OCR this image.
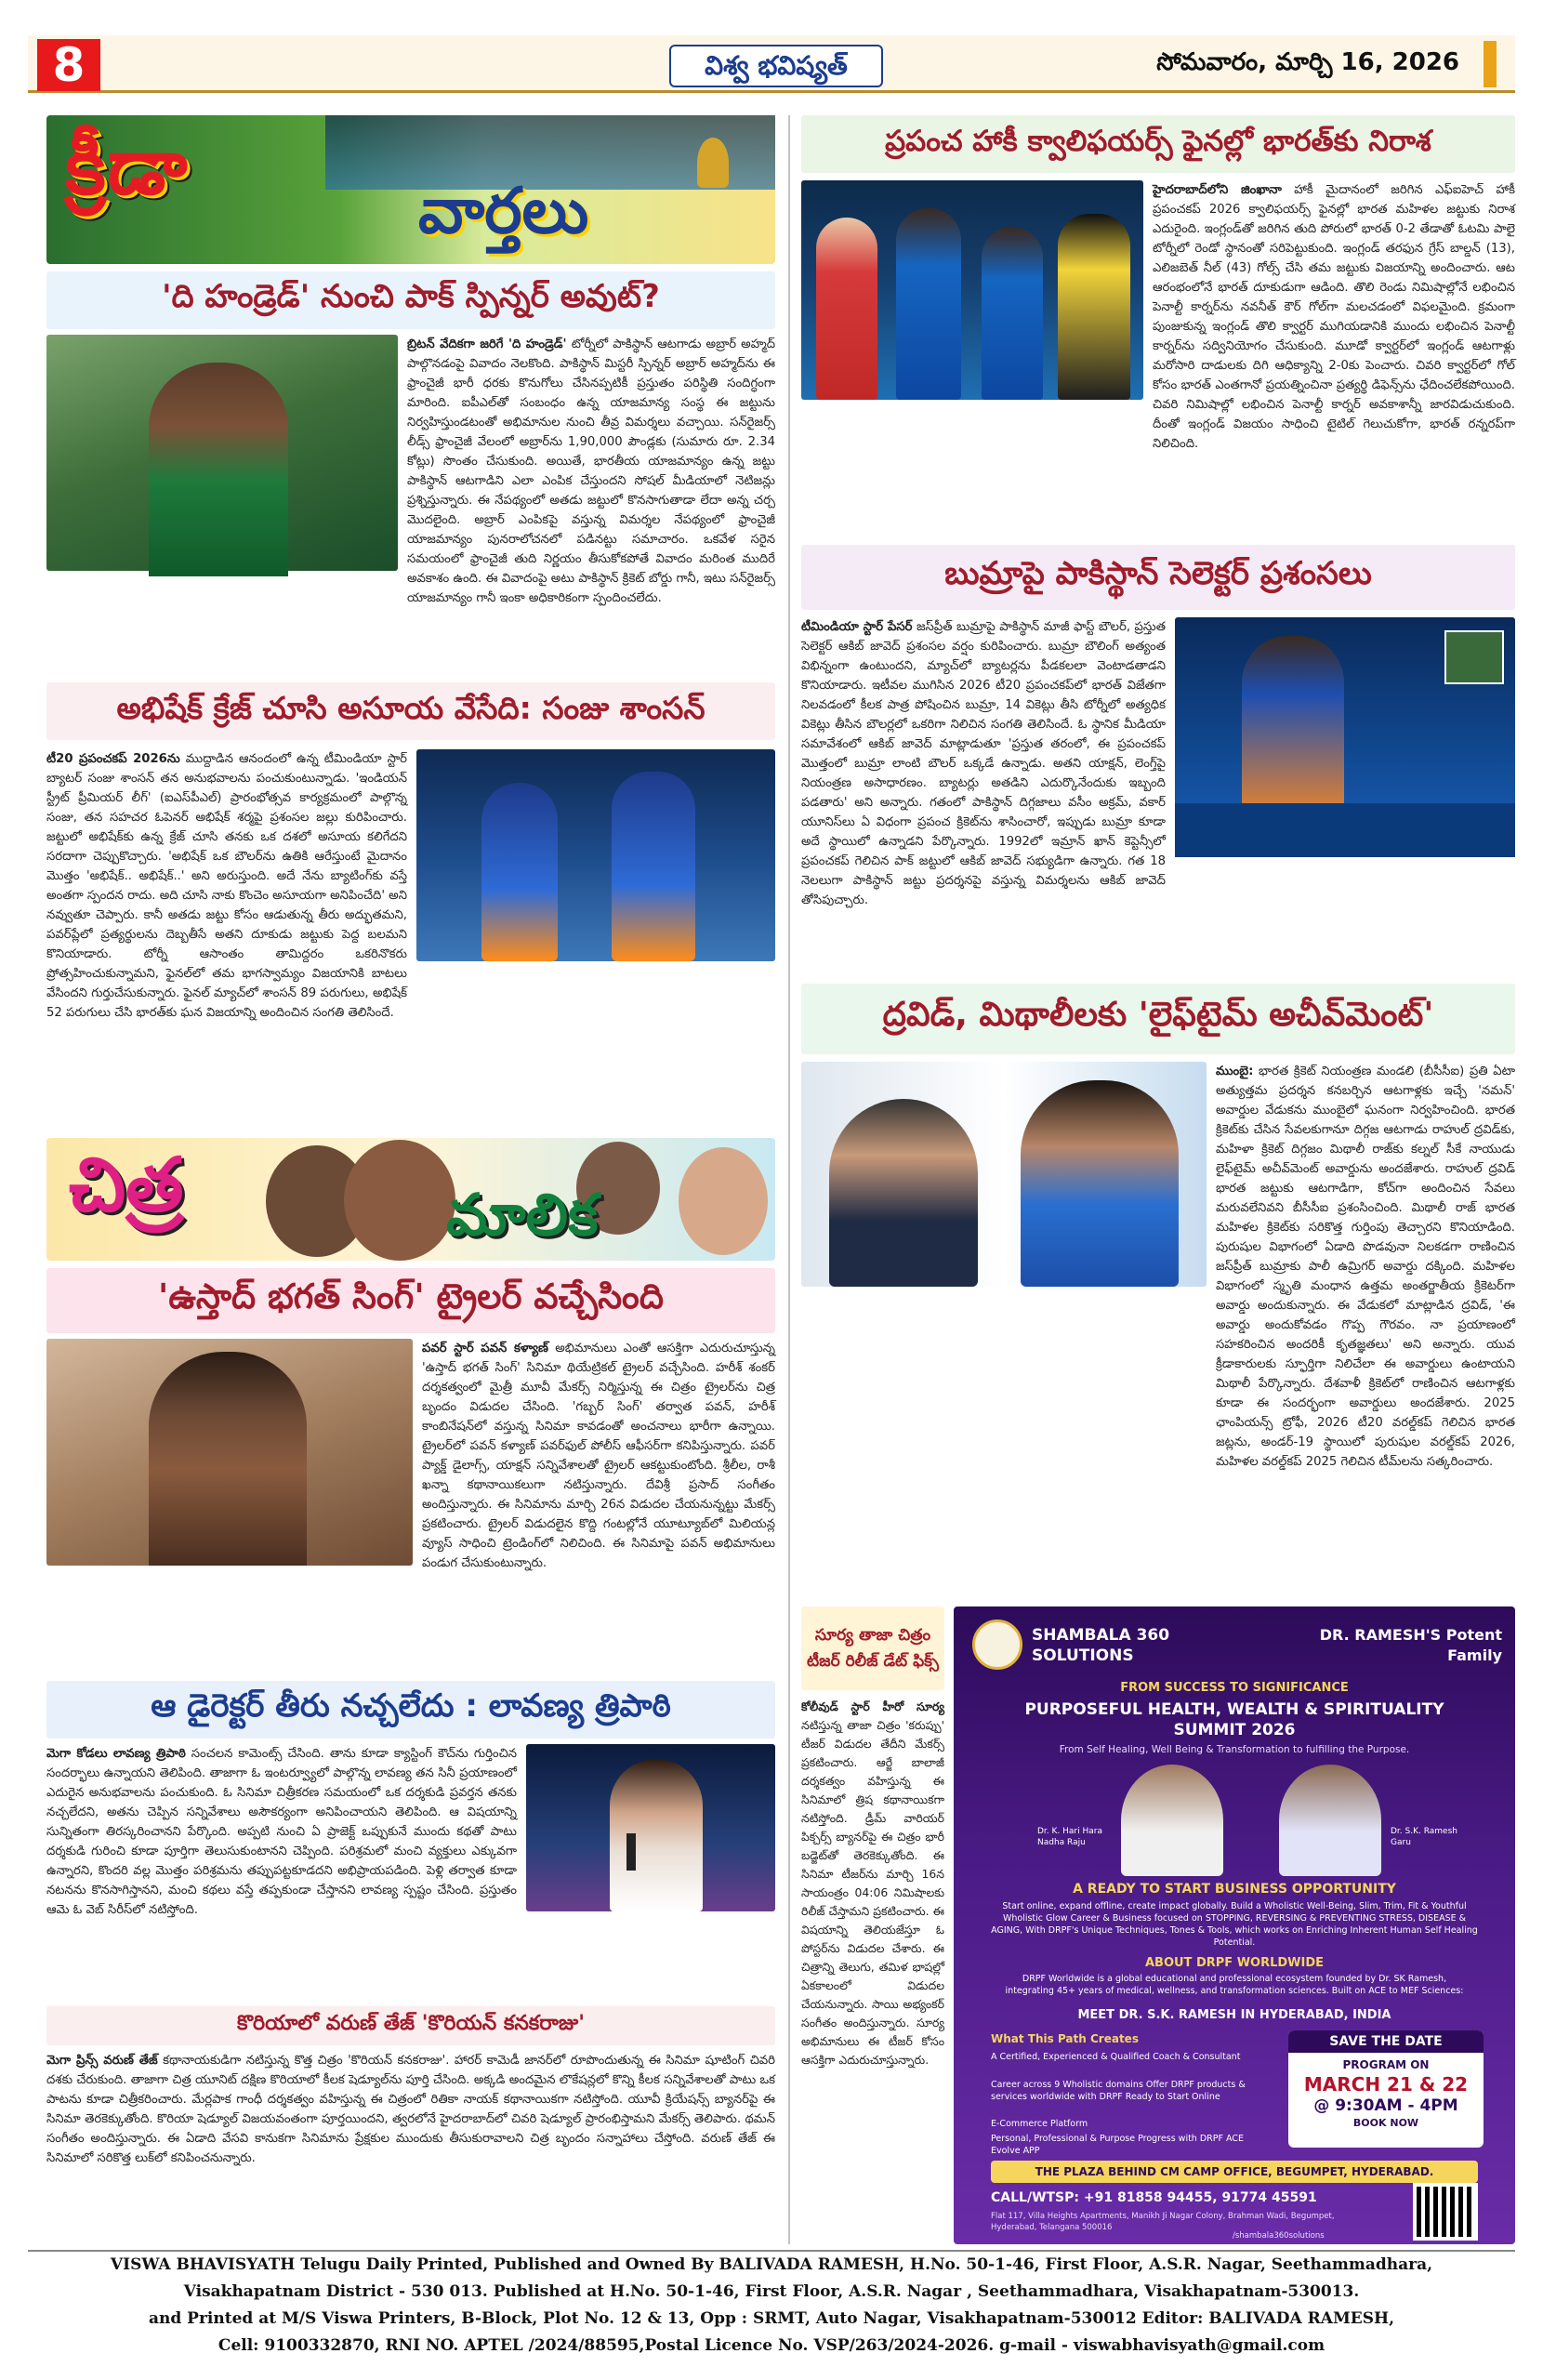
8	విశ్వ భవిష్యత్	సోమవారం, మార్చి 16, 2026
క్రీడా	వార్తలు
'ది హండ్రెడ్' నుంచి పాక్ స్పిన్నర్ అవుట్?
బ్రిటన్ వేదికగా జరిగే 'ది హండ్రెడ్' టోర్నీలో పాకిస్థాన్ ఆటగాడు అబ్రార్ అహ్మద్ పాల్గొనడంపై వివాదం నెలకొంది. పాకిస్థాన్ మిస్టరీ స్పిన్నర్ అబ్రార్ అహ్మద్‌ను ఈ ఫ్రాంచైజీ భారీ ధరకు కొనుగోలు చేసినప్పటికీ ప్రస్తుతం పరిస్థితి సందిగ్ధంగా మారింది. ఐపీఎల్‌తో సంబంధం ఉన్న యాజమాన్య సంస్థ ఈ జట్టును నిర్వహిస్తుండటంతో అభిమానుల నుంచి తీవ్ర విమర్శలు వచ్చాయి. సన్‌రైజర్స్ లీడ్స్ ఫ్రాంచైజీ వేలంలో అబ్రార్‌ను 1,90,000 పౌండ్లకు (సుమారు రూ. 2.34 కోట్లు) సొంతం చేసుకుంది. అయితే, భారతీయ యాజమాన్యం ఉన్న జట్టు పాకిస్థాన్ ఆటగాడిని ఎలా ఎంపిక చేస్తుందని సోషల్ మీడియాలో నెటిజన్లు ప్రశ్నిస్తున్నారు. ఈ నేపథ్యంలో అతడు జట్టులో కొనసాగుతాడా లేదా అన్న చర్చ మొదలైంది. అబ్రార్ ఎంపికపై వస్తున్న విమర్శల నేపథ్యంలో ఫ్రాంచైజీ యాజమాన్యం పునరాలోచనలో పడినట్టు సమాచారం. ఒకవేళ సరైన సమయంలో ఫ్రాంచైజీ తుది నిర్ణయం తీసుకోకపోతే వివాదం మరింత ముదిరే అవకాశం ఉంది. ఈ వివాదంపై అటు పాకిస్థాన్ క్రికెట్ బోర్డు గానీ, ఇటు సన్‌రైజర్స్ యాజమాన్యం గానీ ఇంకా అధికారికంగా స్పందించలేదు.
అభిషేక్ క్రేజ్ చూసి అసూయ వేసేది: సంజు శాంసన్
టీ20 ప్రపంచకప్ 2026ను ముద్దాడిన ఆనందంలో ఉన్న టీమిండియా స్టార్ బ్యాటర్ సంజు శాంసన్ తన అనుభవాలను పంచుకుంటున్నాడు. 'ఇండియన్ స్ట్రీట్ ప్రీమియర్ లీగ్' (ఐఎస్‌పీఎల్) ప్రారంభోత్సవ కార్యక్రమంలో పాల్గొన్న సంజు, తన సహచర ఓపెనర్ అభిషేక్ శర్మపై ప్రశంసల జల్లు కురిపించారు. జట్టులో అభిషేక్‌కు ఉన్న క్రేజ్ చూసి తనకు ఒక దశలో అసూయ కలిగేదని సరదాగా చెప్పుకొచ్చారు. 'అభిషేక్ ఒక బౌలర్‌ను ఉతికి ఆరేస్తుంటే మైదానం మొత్తం 'అభిషేక్.. అభిషేక్..' అని అరుస్తుంది. అదే నేను బ్యాటింగ్‌కు వస్తే అంతగా స్పందన రాదు. అది చూసి నాకు కొంచెం అసూయగా అనిపించేది' అని నవ్వుతూ చెప్పారు. కానీ అతడు జట్టు కోసం ఆడుతున్న తీరు అద్భుతమని, పవర్‌ప్లేలో ప్రత్యర్థులను దెబ్బతీసే అతని దూకుడు జట్టుకు పెద్ద బలమని కొనియాడారు. టోర్నీ ఆసాంతం తామిద్దరం ఒకరినొకరు ప్రోత్సహించుకున్నామని, ఫైనల్‌లో తమ భాగస్వామ్యం విజయానికి బాటలు వేసిందని గుర్తుచేసుకున్నారు. ఫైనల్ మ్యాచ్‌లో శాంసన్ 89 పరుగులు, అభిషేక్ 52 పరుగులు చేసి భారత్‌కు ఘన విజయాన్ని అందించిన సంగతి తెలిసిందే.
చిత్ర	మాలిక
'ఉస్తాద్ భగత్ సింగ్' ట్రైలర్ వచ్చేసింది
పవర్ స్టార్ పవన్ కళ్యాణ్ అభిమానులు ఎంతో ఆసక్తిగా ఎదురుచూస్తున్న 'ఉస్తాద్ భగత్ సింగ్' సినిమా థియేట్రికల్ ట్రైలర్ వచ్చేసింది. హరీశ్ శంకర్ దర్శకత్వంలో మైత్రీ మూవీ మేకర్స్ నిర్మిస్తున్న ఈ చిత్రం ట్రైలర్‌ను చిత్ర బృందం విడుదల చేసింది. 'గబ్బర్ సింగ్' తర్వాత పవన్, హరీశ్ కాంబినేషన్‌లో వస్తున్న సినిమా కావడంతో అంచనాలు భారీగా ఉన్నాయి. ట్రైలర్‌లో పవన్ కళ్యాణ్ పవర్‌ఫుల్ పోలీస్ ఆఫీసర్‌గా కనిపిస్తున్నారు. పవర్ ప్యాక్డ్ డైలాగ్స్, యాక్షన్ సన్నివేశాలతో ట్రైలర్ ఆకట్టుకుంటోంది. శ్రీలీల, రాశీ ఖన్నా కథానాయికలుగా నటిస్తున్నారు. దేవిశ్రీ ప్రసాద్ సంగీతం అందిస్తున్నారు. ఈ సినిమాను మార్చి 26న విడుదల చేయనున్నట్టు మేకర్స్ ప్రకటించారు. ట్రైలర్ విడుదలైన కొద్ది గంటల్లోనే యూట్యూబ్‌లో మిలియన్ల వ్యూస్ సాధించి ట్రెండింగ్‌లో నిలిచింది. ఈ సినిమాపై పవన్ అభిమానులు పండుగ చేసుకుంటున్నారు.
ఆ డైరెక్టర్ తీరు నచ్చలేదు : లావణ్య త్రిపాఠి
మెగా కోడలు లావణ్య త్రిపాఠి సంచలన కామెంట్స్ చేసింది. తాను కూడా క్యాస్టింగ్ కౌచ్‌ను గుర్తించిన సందర్భాలు ఉన్నాయని తెలిపింది. తాజాగా ఓ ఇంటర్వ్యూలో పాల్గొన్న లావణ్య తన సినీ ప్రయాణంలో ఎదురైన అనుభవాలను పంచుకుంది. ఓ సినిమా చిత్రీకరణ సమయంలో ఒక దర్శకుడి ప్రవర్తన తనకు నచ్చలేదని, అతను చెప్పిన సన్నివేశాలు అసౌకర్యంగా అనిపించాయని తెలిపింది. ఆ విషయాన్ని సున్నితంగా తిరస్కరించానని పేర్కొంది. అప్పటి నుంచి ఏ ప్రాజెక్ట్ ఒప్పుకునే ముందు కథతో పాటు దర్శకుడి గురించి కూడా పూర్తిగా తెలుసుకుంటానని చెప్పింది. పరిశ్రమలో మంచి వ్యక్తులు ఎక్కువగా ఉన్నారని, కొందరి వల్ల మొత్తం పరిశ్రమను తప్పుపట్టకూడదని అభిప్రాయపడింది. పెళ్లి తర్వాత కూడా నటనను కొనసాగిస్తానని, మంచి కథలు వస్తే తప్పకుండా చేస్తానని లావణ్య స్పష్టం చేసింది. ప్రస్తుతం ఆమె ఓ వెబ్ సిరీస్‌లో నటిస్తోంది.
కొరియాలో వరుణ్ తేజ్ 'కొరియన్ కనకరాజు'
మెగా ప్రిన్స్ వరుణ్ తేజ్ కథానాయకుడిగా నటిస్తున్న కొత్త చిత్రం 'కొరియన్ కనకరాజు'. హారర్ కామెడీ జానర్‌లో రూపొందుతున్న ఈ సినిమా షూటింగ్ చివరి దశకు చేరుకుంది. తాజాగా చిత్ర యూనిట్ దక్షిణ కొరియాలో కీలక షెడ్యూల్‌ను పూర్తి చేసింది. అక్కడి అందమైన లొకేషన్లలో కొన్ని కీలక సన్నివేశాలతో పాటు ఒక పాటను కూడా చిత్రీకరించారు. మేర్లపాక గాంధీ దర్శకత్వం వహిస్తున్న ఈ చిత్రంలో రితికా నాయక్ కథానాయికగా నటిస్తోంది. యూవీ క్రియేషన్స్ బ్యానర్‌పై ఈ సినిమా తెరకెక్కుతోంది. కొరియా షెడ్యూల్ విజయవంతంగా పూర్తయిందని, త్వరలోనే హైదరాబాద్‌లో చివరి షెడ్యూల్ ప్రారంభిస్తామని మేకర్స్ తెలిపారు. థమన్ సంగీతం అందిస్తున్నారు. ఈ ఏడాది వేసవి కానుకగా సినిమాను ప్రేక్షకుల ముందుకు తీసుకురావాలని చిత్ర బృందం సన్నాహాలు చేస్తోంది. వరుణ్ తేజ్ ఈ సినిమాలో సరికొత్త లుక్‌లో కనిపించనున్నారు.
ప్రపంచ హాకీ క్వాలిఫయర్స్ ఫైనల్లో భారత్‌కు నిరాశ
హైదరాబాద్‌లోని జింఖానా హాకీ మైదానంలో జరిగిన ఎఫ్‌ఐహెచ్ హాకీ ప్రపంచకప్ 2026 క్వాలిఫయర్స్ ఫైనల్లో భారత మహిళల జట్టుకు నిరాశ ఎదురైంది. ఇంగ్లండ్‌తో జరిగిన తుది పోరులో భారత్ 0-2 తేడాతో ఓటమి పాలై టోర్నీలో రెండో స్థానంతో సరిపెట్టుకుంది. ఇంగ్లండ్ తరఫున గ్రేస్ బాల్డన్ (13), ఎలిజబెత్ నీల్ (43) గోల్స్ చేసి తమ జట్టుకు విజయాన్ని అందించారు. ఆట ఆరంభంలోనే భారత్ దూకుడుగా ఆడింది. తొలి రెండు నిమిషాల్లోనే లభించిన పెనాల్టీ కార్నర్‌ను నవనీత్ కౌర్ గోల్‌గా మలచడంలో విఫలమైంది. క్రమంగా పుంజుకున్న ఇంగ్లండ్ తొలి క్వార్టర్ ముగియడానికి ముందు లభించిన పెనాల్టీ కార్నర్‌ను సద్వినియోగం చేసుకుంది. మూడో క్వార్టర్‌లో ఇంగ్లండ్ ఆటగాళ్లు మరోసారి దాడులకు దిగి ఆధిక్యాన్ని 2-0కు పెంచారు. చివరి క్వార్టర్‌లో గోల్ కోసం భారత్ ఎంతగానో ప్రయత్నించినా ప్రత్యర్థి డిఫెన్స్‌ను ఛేదించలేకపోయింది. చివరి నిమిషాల్లో లభించిన పెనాల్టీ కార్నర్ అవకాశాన్నీ జారవిడుచుకుంది. దీంతో ఇంగ్లండ్ విజయం సాధించి టైటిల్ గెలుచుకోగా, భారత్ రన్నరప్‌గా నిలిచింది.
బుమ్రాపై పాకిస్థాన్ సెలెక్టర్ ప్రశంసలు
టీమిండియా స్టార్ పేసర్ జస్‌ప్రీత్ బుమ్రాపై పాకిస్థాన్ మాజీ ఫాస్ట్ బౌలర్, ప్రస్తుత సెలెక్టర్ ఆకిబ్ జావెద్ ప్రశంసల వర్షం కురిపించారు. బుమ్రా బౌలింగ్ అత్యంత విభిన్నంగా ఉంటుందని, మ్యాచ్‌లో బ్యాటర్లను పీడకలలా వెంటాడతాడని కొనియాడారు. ఇటీవల ముగిసిన 2026 టీ20 ప్రపంచకప్‌లో భారత్ విజేతగా నిలవడంలో కీలక పాత్ర పోషించిన బుమ్రా, 14 వికెట్లు తీసి టోర్నీలో అత్యధిక వికెట్లు తీసిన బౌలర్లలో ఒకరిగా నిలిచిన సంగతి తెలిసిందే. ఓ స్థానిక మీడియా సమావేశంలో ఆకిబ్ జావెద్ మాట్లాడుతూ 'ప్రస్తుత తరంలో, ఈ ప్రపంచకప్ మొత్తంలో బుమ్రా లాంటి బౌలర్ ఒక్కడే ఉన్నాడు. అతని యాక్షన్, లెంగ్త్‌పై నియంత్రణ అసాధారణం. బ్యాటర్లు అతడిని ఎదుర్కొనేందుకు ఇబ్బంది పడతారు' అని అన్నారు. గతంలో పాకిస్థాన్ దిగ్గజాలు వసీం అక్రమ్, వకార్ యూనిస్‌లు ఏ విధంగా ప్రపంచ క్రికెట్‌ను శాసించారో, ఇప్పుడు బుమ్రా కూడా అదే స్థాయిలో ఉన్నాడని పేర్కొన్నారు. 1992లో ఇమ్రాన్ ఖాన్ కెప్టెన్సీలో ప్రపంచకప్ గెలిచిన పాక్ జట్టులో ఆకిబ్ జావెద్ సభ్యుడిగా ఉన్నారు. గత 18 నెలలుగా పాకిస్థాన్ జట్టు ప్రదర్శనపై వస్తున్న విమర్శలను ఆకిబ్ జావెద్ తోసిపుచ్చారు.
ద్రవిడ్, మిథాలీలకు 'లైఫ్‌టైమ్ అచీవ్‌మెంట్'
ముంబై: భారత క్రికెట్ నియంత్రణ మండలి (బీసీసీఐ) ప్రతి ఏటా అత్యుత్తమ ప్రదర్శన కనబర్చిన ఆటగాళ్లకు ఇచ్చే 'నమన్' అవార్డుల వేడుకను ముంబైలో ఘనంగా నిర్వహించింది. భారత క్రికెట్‌కు చేసిన సేవలకుగానూ దిగ్గజ ఆటగాడు రాహుల్ ద్రవిడ్‌కు, మహిళా క్రికెట్ దిగ్గజం మిథాలీ రాజ్‌కు కల్నల్ సీకే నాయుడు లైఫ్‌టైమ్ అచీవ్‌మెంట్ అవార్డును అందజేశారు. రాహుల్ ద్రవిడ్ భారత జట్టుకు ఆటగాడిగా, కోచ్‌గా అందించిన సేవలు మరువలేనివని బీసీసీఐ ప్రశంసించింది. మిథాలీ రాజ్ భారత మహిళల క్రికెట్‌కు సరికొత్త గుర్తింపు తెచ్చారని కొనియాడింది. పురుషుల విభాగంలో ఏడాది పొడవునా నిలకడగా రాణించిన జస్‌ప్రీత్ బుమ్రాకు పాలీ ఉమ్రిగర్ అవార్డు దక్కింది. మహిళల విభాగంలో స్మృతి మంధాన ఉత్తమ అంతర్జాతీయ క్రికెటర్‌గా అవార్డు అందుకున్నారు. ఈ వేడుకలో మాట్లాడిన ద్రవిడ్, 'ఈ అవార్డు అందుకోవడం గొప్ప గౌరవం. నా ప్రయాణంలో సహకరించిన అందరికీ కృతజ్ఞతలు' అని అన్నారు. యువ క్రీడాకారులకు స్ఫూర్తిగా నిలిచేలా ఈ అవార్డులు ఉంటాయని మిథాలీ పేర్కొన్నారు. దేశవాళీ క్రికెట్‌లో రాణించిన ఆటగాళ్లకు కూడా ఈ సందర్భంగా అవార్డులు అందజేశారు. 2025 ఛాంపియన్స్ ట్రోఫీ, 2026 టీ20 వరల్డ్‌కప్ గెలిచిన భారత జట్లను, అండర్-19 స్థాయిలో పురుషుల వరల్డ్‌కప్ 2026, మహిళల వరల్డ్‌కప్ 2025 గెలిచిన టీమ్‌లను సత్కరించారు.
సూర్య తాజా చిత్రం టీజర్ రిలీజ్ డేట్ ఫిక్స్
కోలీవుడ్ స్టార్ హీరో సూర్య నటిస్తున్న తాజా చిత్రం 'కరుప్పు' టీజర్ విడుదల తేదీని మేకర్స్ ప్రకటించారు. ఆర్జే బాలాజీ దర్శకత్వం వహిస్తున్న ఈ సినిమాలో త్రిష కథానాయికగా నటిస్తోంది. డ్రీమ్ వారియర్ పిక్చర్స్ బ్యానర్‌పై ఈ చిత్రం భారీ బడ్జెట్‌తో తెరకెక్కుతోంది. ఈ సినిమా టీజర్‌ను మార్చి 16న సాయంత్రం 04:06 నిమిషాలకు రిలీజ్ చేస్తామని ప్రకటించారు. ఈ విషయాన్ని తెలియజేస్తూ ఓ పోస్టర్‌ను విడుదల చేశారు. ఈ చిత్రాన్ని తెలుగు, తమిళ భాషల్లో ఏకకాలంలో విడుదల చేయనున్నారు. సాయి అభ్యంకర్ సంగీతం అందిస్తున్నారు. సూర్య అభిమానులు ఈ టీజర్ కోసం ఆసక్తిగా ఎదురుచూస్తున్నారు.
SHAMBALA 360 SOLUTIONS
DR. RAMESH'S Potent Family
FROM SUCCESS TO SIGNIFICANCE
PURPOSEFUL HEALTH, WEALTH & SPIRITUALITY SUMMIT 2026
From Self Healing, Well Being & Transformation to fulfilling the Purpose.
Dr. K. Hari Hara Nadha Raju
Dr. S.K. Ramesh Garu
A READY TO START BUSINESS OPPORTUNITY
Start online, expand offline, create impact globally. Build a Wholistic Well-Being, Slim, Trim, Fit & Youthful Wholistic Glow Career & Business focused on STOPPING, REVERSING & PREVENTING STRESS, DISEASE & AGING, With DRPF's Unique Techniques, Tones & Tools, which works on Enriching Inherent Human Self Healing Potential.
ABOUT DRPF WORLDWIDE
DRPF Worldwide is a global educational and professional ecosystem founded by Dr. SK Ramesh, integrating 45+ years of medical, wellness, and transformation sciences. Built on ACE to MEF Sciences:
MEET DR. S.K. RAMESH IN HYDERABAD, INDIA
What This Path Creates
A Certified, Experienced & Qualified Coach & Consultant
Career across 9 Wholistic domains Offer DRPF products & services worldwide with DRPF Ready to Start Online
E-Commerce Platform
Personal, Professional & Purpose Progress with DRPF ACE Evolve APP
SAVE THE DATE
PROGRAM ON
MARCH 21 & 22
@ 9:30AM - 4PM
BOOK NOW
THE PLAZA BEHIND CM CAMP OFFICE, BEGUMPET, HYDERABAD.
CALL/WTSP: +91 81858 94455, 91774 45591
Flat 117, Villa Heights Apartments, Manikh Ji Nagar Colony, Brahman Wadi, Begumpet, Hyderabad, Telangana 500016
/shambala360solutions

VISWA BHAVISYATH Telugu Daily Printed, Published and Owned By BALIVADA RAMESH, H.No. 50-1-46, First Floor, A.S.R. Nagar, Seethammadhara,

Visakhapatnam District - 530 013. Published at H.No. 50-1-46, First Floor, A.S.R. Nagar , Seethammadhara, Visakhapatnam-530013.

and Printed at M/S Viswa Printers, B-Block, Plot No. 12 & 13, Opp : SRMT, Auto Nagar, Visakhapatnam-530012 Editor: BALIVADA RAMESH,

Cell: 9100332870, RNI NO. APTEL /2024/88595,Postal Licence No. VSP/263/2024-2026. g-mail - viswabhavisyath@gmail.com
